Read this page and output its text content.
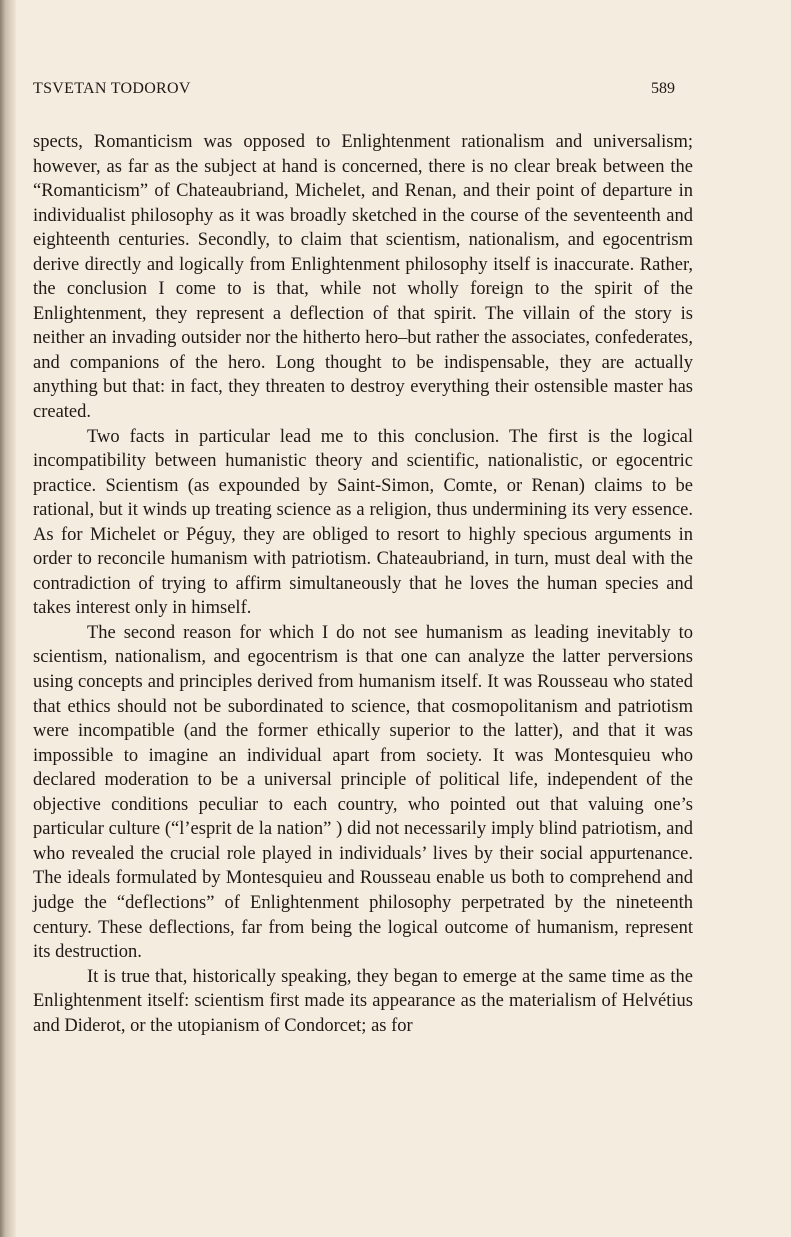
TSVETAN TODOROV	589

spects, Romanticism was opposed to Enlightenment rationalism and universalism; however, as far as the subject at hand is concerned, there is no clear break between the “Romanticism” of Chateaubriand, Michelet, and Renan, and their point of departure in individualist philosophy as it was broadly sketched in the course of the seventeenth and eighteenth centuries. Secondly, to claim that scientism, nationalism, and egocentrism derive directly and logically from Enlightenment philosophy itself is inaccurate. Rather, the conclusion I come to is that, while not wholly foreign to the spirit of the Enlightenment, they represent a deflection of that spirit. The villain of the story is neither an invading outsider nor the hitherto hero–but rather the associates, confederates, and companions of the hero. Long thought to be indispensable, they are actually anything but that: in fact, they threaten to destroy everything their ostensible master has created.

Two facts in particular lead me to this conclusion. The first is the logical incompatibility between humanistic theory and scientific, nationalistic, or egocentric practice. Scientism (as expounded by Saint-Simon, Comte, or Renan) claims to be rational, but it winds up treating science as a religion, thus undermining its very essence. As for Michelet or Péguy, they are obliged to resort to highly specious arguments in order to reconcile humanism with patriotism. Chateaubriand, in turn, must deal with the contradiction of trying to affirm simultaneously that he loves the human species and takes interest only in himself.

The second reason for which I do not see humanism as leading inevitably to scientism, nationalism, and egocentrism is that one can analyze the latter perversions using concepts and principles derived from humanism itself. It was Rousseau who stated that ethics should not be subordinated to science, that cosmopolitanism and patriotism were incompatible (and the former ethically superior to the latter), and that it was impossible to imagine an individual apart from society. It was Montesquieu who declared moderation to be a universal principle of political life, independent of the objective conditions peculiar to each country, who pointed out that valuing one’s particular culture (“l’esprit de la nation” ) did not necessarily imply blind patriotism, and who revealed the crucial role played in individuals’ lives by their social appurtenance. The ideals formulated by Montesquieu and Rousseau enable us both to comprehend and judge the “deflections” of Enlightenment philosophy perpetrated by the nineteenth century. These deflections, far from being the logical outcome of humanism, represent its destruction.

It is true that, historically speaking, they began to emerge at the same time as the Enlightenment itself: scientism first made its appearance as the materialism of Helvétius and Diderot, or the utopianism of Condorcet; as for
